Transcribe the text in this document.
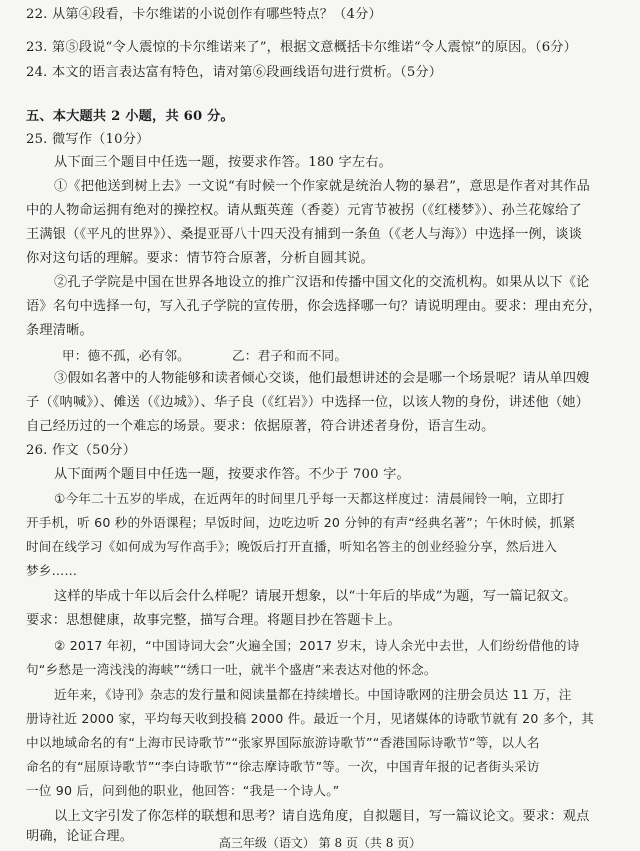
22. 从第④段看，卡尔维诺的小说创作有哪些特点？（4分）
23. 第⑤段说“令人震惊的卡尔维诺来了”，根据文意概括卡尔维诺“令人震惊”的原因。（6分）
24. 本文的语言表达富有特色，请对第⑥段画线语句进行赏析。（5分）
五、本大题共 2 小题，共 60 分。
25. 微写作（10分）
从下面三个题目中任选一题，按要求作答。180 字左右。
①《把他送到树上去》一文说“有时候一个作家就是统治人物的暴君”，意思是作者对其作品
中的人物命运拥有绝对的操控权。请从甄英莲（香菱）元宵节被拐（《红楼梦》）、孙兰花嫁给了
王满银（《平凡的世界》）、桑提亚哥八十四天没有捕到一条鱼（《老人与海》）中选择一例，谈谈
你对这句话的理解。要求：情节符合原著，分析自圆其说。
②孔子学院是中国在世界各地设立的推广汉语和传播中国文化的交流机构。如果从以下《论
语》名句中选择一句，写入孔子学院的宣传册，你会选择哪一句？请说明理由。要求：理由充分，
条理清晰。
甲：德不孤，必有邻。	乙：君子和而不同。
③假如名著中的人物能够和读者倾心交谈，他们最想讲述的会是哪一个场景呢？请从单四嫂
子（《呐喊》）、傩送（《边城》）、华子良（《红岩》）中选择一位，以该人物的身份，讲述他（她）
自己经历过的一个难忘的场景。要求：依据原著，符合讲述者身份，语言生动。
26. 作文（50分）
从下面两个题目中任选一题，按要求作答。不少于 700 字。
①今年二十五岁的毕成，在近两年的时间里几乎每一天都这样度过：清晨闹铃一响，立即打
开手机，听 60 秒的外语课程；早饭时间，边吃边听 20 分钟的有声“经典名著”；午休时候，抓紧
时间在线学习《如何成为写作高手》；晚饭后打开直播，听知名答主的创业经验分享，然后进入
梦乡……
这样的毕成十年以后会什么样呢？请展开想象，以“十年后的毕成”为题，写一篇记叙文。
要求：思想健康，故事完整，描写合理。将题目抄在答题卡上。
② 2017 年初，“中国诗词大会”火遍全国；2017 岁末，诗人余光中去世，人们纷纷借他的诗
句“乡愁是一湾浅浅的海峡”“绣口一吐，就半个盛唐”来表达对他的怀念。
近年来，《诗刊》杂志的发行量和阅读量都在持续增长。中国诗歌网的注册会员达 11 万，注
册诗社近 2000 家，平均每天收到投稿 2000 件。最近一个月，见诸媒体的诗歌节就有 20 多个，其
中以地域命名的有“上海市民诗歌节”“张家界国际旅游诗歌节”“香港国际诗歌节”等，以人名
命名的有“屈原诗歌节”“李白诗歌节”“徐志摩诗歌节”等。一次，中国青年报的记者街头采访
一位 90 后，问到他的职业，他回答：“我是一个诗人。”
以上文字引发了你怎样的联想和思考？请自选角度，自拟题目，写一篇议论文。要求：观点
明确，论证合理。	高三年级（语文） 第 8 页（共 8 页）
